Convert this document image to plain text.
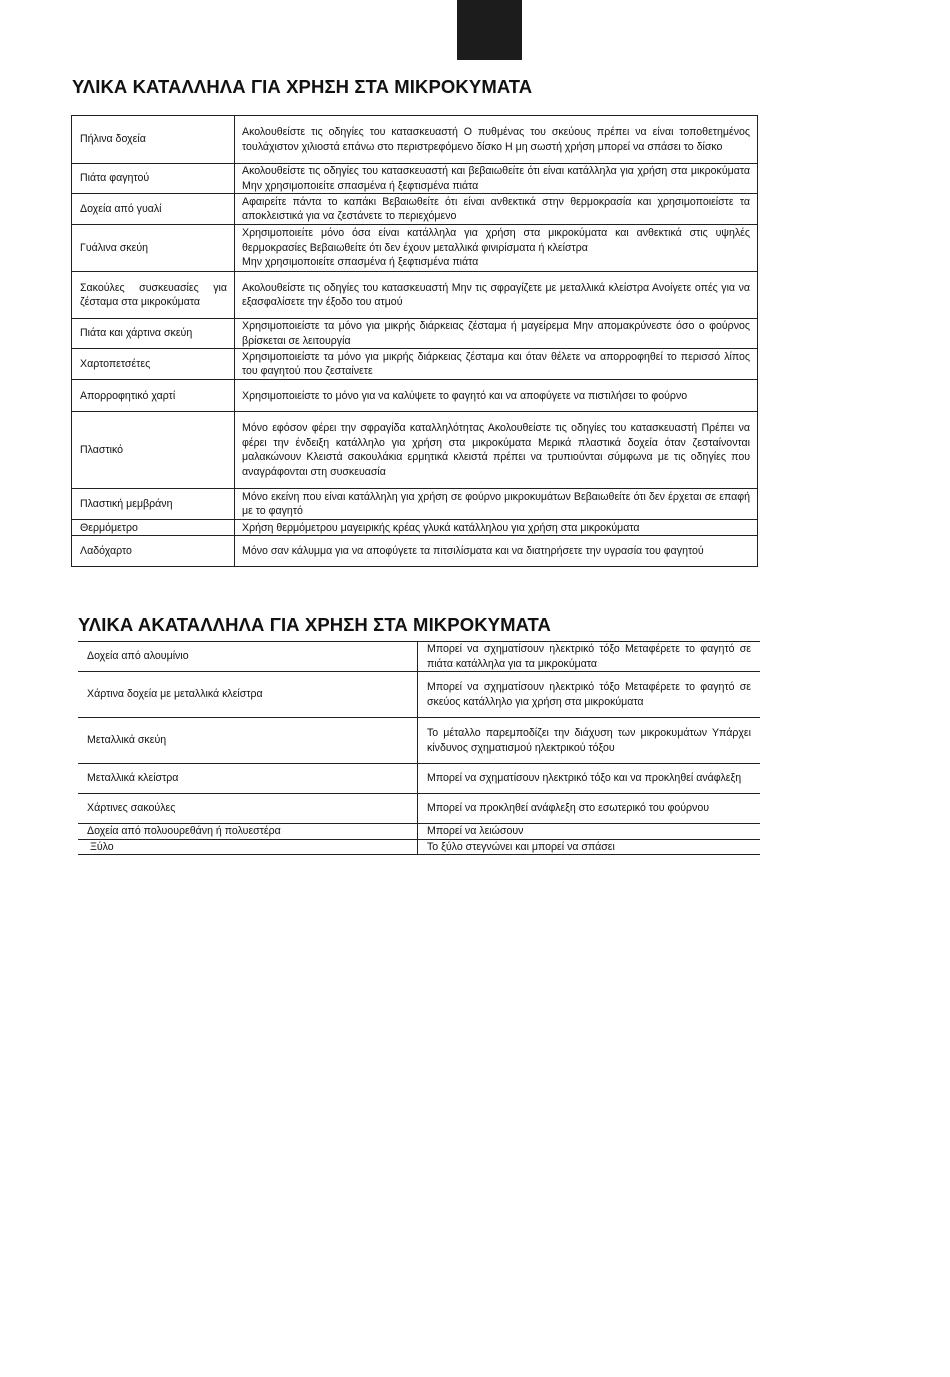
ΥΛΙΚΑ ΚΑΤΑΛΛΗΛΑ ΓΙΑ ΧΡΗΣΗ ΣΤΑ ΜΙΚΡΟΚΥΜΑΤΑ
Πήλινα δοχεία	Ακολουθείστε τις οδηγίες του κατασκευαστή Ο πυθμένας του σκεύους πρέπει να είναι τοποθετημένος τουλάχιστον χιλιοστά επάνω στο περιστρεφόμενο δίσκο Η μη σωστή χρήση μπορεί να σπάσει το δίσκο
Πιάτα φαγητού	Ακολουθείστε τις οδηγίες του κατασκευαστή και βεβαιωθείτε ότι είναι κατάλληλα για χρήση στα μικροκύματα Μην χρησιμοποιείτε σπασμένα ή ξεφτισμένα πιάτα
Δοχεία από γυαλί	Αφαιρείτε πάντα το καπάκι Βεβαιωθείτε ότι είναι ανθεκτικά στην θερμοκρασία και χρησιμοποιείστε τα αποκλειστικά για να ζεστάνετε το περιεχόμενο
Γυάλινα σκεύη	Χρησιμοποιείτε μόνο όσα είναι κατάλληλα για χρήση στα μικροκύματα και ανθεκτικά στις υψηλές θερμοκρασίες Βεβαιωθείτε ότι δεν έχουν μεταλλικά φινιρίσματα ή κλείστρα
Μην χρησιμοποιείτε σπασμένα ή ξεφτισμένα πιάτα
Σακούλες συσκευασίες για ζέσταμα στα μικροκύματα	Ακολουθείστε τις οδηγίες του κατασκευαστή Μην τις σφραγίζετε με μεταλλικά κλείστρα Ανοίγετε οπές για να εξασφαλίσετε την έξοδο του ατμού
Πιάτα και χάρτινα σκεύη	Χρησιμοποιείστε τα μόνο για μικρής διάρκειας ζέσταμα ή μαγείρεμα Μην απομακρύνεστε όσο ο φούρνος βρίσκεται σε λειτουργία
Χαρτοπετσέτες	Χρησιμοποιείστε τα μόνο για μικρής διάρκειας ζέσταμα και όταν θέλετε να απορροφηθεί το περισσό λίπος του φαγητού που ζεσταίνετε
Απορροφητικό χαρτί	Χρησιμοποιείστε το μόνο για να καλύψετε το φαγητό και να αποφύγετε να πιστιλήσει το φούρνο
Πλαστικό	Μόνο εφόσον φέρει την σφραγίδα καταλληλότητας Ακολουθείστε τις οδηγίες του κατασκευαστή Πρέπει να φέρει την ένδειξη κατάλληλο για χρήση στα μικροκύματα Μερικά πλαστικά δοχεία όταν ζεσταίνονται μαλακώνουν Κλειστά σακουλάκια ερμητικά κλειστά πρέπει να τρυπιούνται σύμφωνα με τις οδηγίες που αναγράφονται στη συσκευασία
Πλαστική μεμβράνη	Μόνο εκείνη που είναι κατάλληλη για χρήση σε φούρνο μικροκυμάτων Βεβαιωθείτε ότι δεν έρχεται σε επαφή με το φαγητό
Θερμόμετρο	Χρήση θερμόμετρου μαγειρικής κρέας γλυκά κατάλληλου για χρήση στα μικροκύματα
Λαδόχαρτο	Μόνο σαν κάλυμμα για να αποφύγετε τα πιτσιλίσματα και να διατηρήσετε την υγρασία του φαγητού
ΥΛΙΚΑ ΑΚΑΤΑΛΛΗΛΑ ΓΙΑ ΧΡΗΣΗ ΣΤΑ ΜΙΚΡΟΚΥΜΑΤΑ
Δοχεία από αλουμίνιο	Μπορεί να σχηματίσουν ηλεκτρικό τόξο Μεταφέρετε το φαγητό σε πιάτα κατάλληλα για τα μικροκύματα
Χάρτινα δοχεία με μεταλλικά κλείστρα	Μπορεί να σχηματίσουν ηλεκτρικό τόξο Μεταφέρετε το φαγητό σε σκεύος κατάλληλο για χρήση στα μικροκύματα
Μεταλλικά σκεύη	Το μέταλλο παρεμποδίζει την διάχυση των μικροκυμάτων Υπάρχει κίνδυνος σχηματισμού ηλεκτρικού τόξου
Μεταλλικά κλείστρα	Μπορεί να σχηματίσουν ηλεκτρικό τόξο και να προκληθεί ανάφλεξη
Χάρτινες σακούλες	Μπορεί να προκληθεί ανάφλεξη στο εσωτερικό του φούρνου
Δοχεία από πολυουρεθάνη ή πολυεστέρα	Μπορεί να λειώσουν
Ξύλο	Το ξύλο στεγνώνει και μπορεί να σπάσει
